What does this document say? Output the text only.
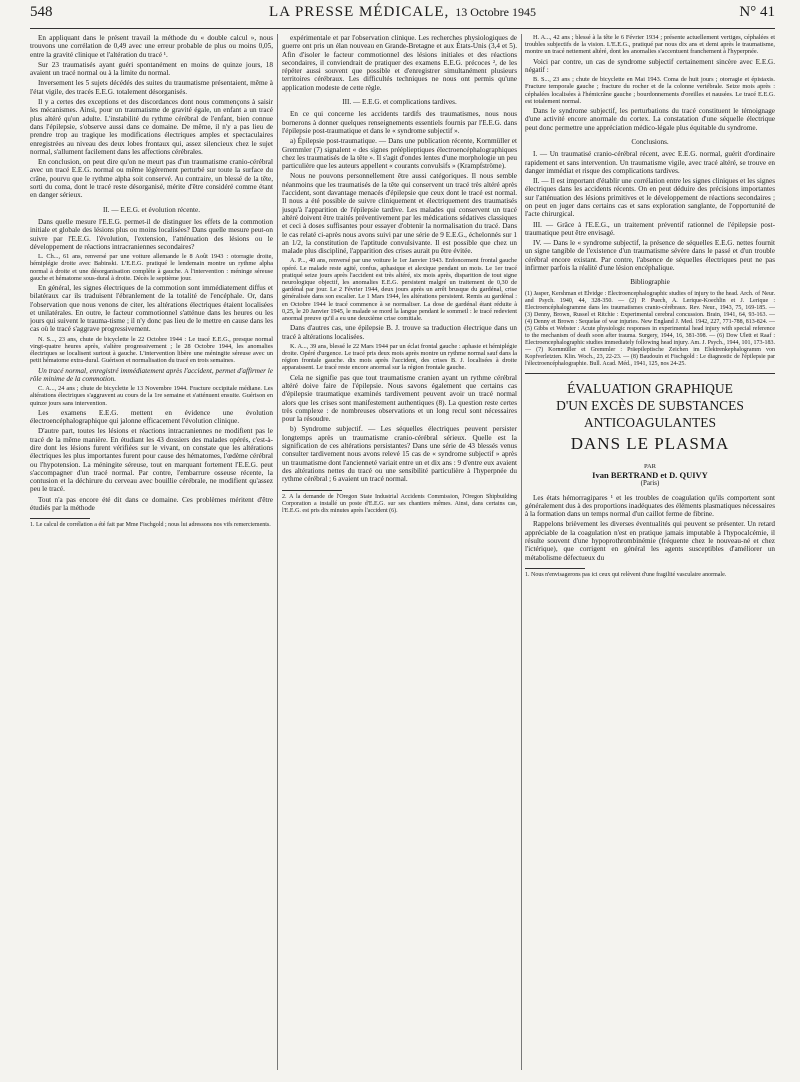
548	LA PRESSE MÉDICALE, 13 Octobre 1945	N° 41

En appliquant dans le présent travail la méthode du « double calcul », nous trouvons une corrélation de 0,49 avec une erreur probable de plus ou moins 0,05, entre la gravité clinique et l'altération du tracé ¹.

Sur 23 traumatisés ayant guéri spontanément en moins de quinze jours, 18 avaient un tracé normal ou à la limite du normal.

Inversement les 5 sujets décédés des suites du traumatisme présentaient, même à l'état vigile, des tracés E.E.G. totalement désorganisés.

Il y a certes des exceptions et des discordances dont nous commençons à saisir les mécanismes. Ainsi, pour un traumatisme de gravité égale, un enfant a un tracé plus altéré qu'un adulte. L'instabilité du rythme cérébral de l'enfant, bien connue dans l'épilepsie, s'observe aussi dans ce domaine. De même, il n'y a pas lieu de prendre trop au tragique les modifications électriques amples et spectaculaires enregistrées au niveau des deux lobes frontaux qui, assez silencieux chez le sujet normal, s'allument facilement dans les affections cérébrales.

En conclusion, on peut dire qu'on ne meurt pas d'un traumatisme cranio-cérébral avec un tracé E.E.G. normal ou même légèrement perturbé sur toute la surface du crâne, pourvu que le rythme alpha soit conservé. Au contraire, un blessé de la tête, sorti du coma, dont le tracé reste désorganisé, mérite d'être considéré comme étant en danger sérieux.

II. — E.E.G. et évolution récente.

Dans quelle mesure l'E.E.G. permet-il de distinguer les effets de la commotion initiale et globale des lésions plus ou moins localisées? Dans quelle mesure peut-on suivre par l'E.E.G. l'évolution, l'extension, l'atténuation des lésions ou le développement de réactions intracraniennes secondaires?

L. Ch..., 61 ans, renversé par une voiture allemande le 8 Août 1943 : otorragie droite, hémiplégie droite avec Babinski. L'E.E.G. pratiqué le lendemain montre un rythme alpha normal à droite et une désorganisation complète à gauche. A l'intervention : méninge séreuse gauche et hématome sous-dural à droite. Décès le septième jour.

En général, les signes électriques de la commotion sont immédiatement diffus et bilatéraux car ils traduisent l'ébranlement de la totalité de l'encéphale. Or, dans l'observation que nous venons de citer, les altérations électriques étaient localisées et unilatérales. En outre, le facteur commotionnel s'atténue dans les heures ou les jours qui suivent le trauma-tisme ; il n'y donc pas lieu de le mettre en cause dans les cas où le tracé s'aggrave progressivement.

N. S..., 23 ans, chute de bicyclette le 22 Octobre 1944 : Le tracé E.E.G., presque normal vingt-quatre heures après, s'altère progressivement ; le 28 Octobre 1944, les anomalies électriques se localisent surtout à gauche. L'intervention libère une méningite séreuse avec un petit hématome extra-dural. Guérison et normalisation du tracé en trois semaines.

Un tracé normal, enregistré immédiatement après l'accident, permet d'affirmer le rôle minime de la commotion.

C. A..., 24 ans ; chute de bicyclette le 13 Novembre 1944. Fracture occipitale médiane. Les altérations électriques s'aggravent au cours de la 1re semaine et s'atténuent ensuite. Guérison en quinze jours sans intervention.

Les examens E.E.G. mettent en évidence une évolution électroencéphalographique qui jalonne efficacement l'évolution clinique.

D'autre part, toutes les lésions et réactions intracraniennes ne modifient pas le tracé de la même manière. En étudiant les 43 dossiers des malades opérés, c'est-à-dire dont les lésions furent vérifiées sur le vivant, on constate que les altérations électriques les plus importantes furent pour cause des hématomes, l'œdème cérébral ou l'hypotension. La méningite séreuse, tout en marquant fortement l'E.E.G. peut s'accompagner d'un tracé normal. Par contre, l'embarrure osseuse récente, la contusion et la déchirure du cerveau avec bouillie cérébrale, ne modifient qu'assez peu le tracé.

Tout n'a pas encore été dit dans ce domaine. Ces problèmes méritent d'être étudiés par la méthode

1. Le calcul de corrélation a été fait par Mme Fischgold ; nous lui adressons nos vifs remerciements.

expérimentale et par l'observation clinique. Les recherches physiologiques de guerre ont pris un élan nouveau en Grande-Bretagne et aux États-Unis (3,4 et 5). Afin d'isoler le facteur commotionnel des lésions initiales et des réactions secondaires, il conviendrait de pratiquer des examens E.E.G. précoces ², de les répéter aussi souvent que possible et d'enregistrer simultanément plusieurs territoires cérébraux. Les difficultés techniques ne nous ont permis qu'une application modeste de cette règle.

III. — E.E.G. et complications tardives.

En ce qui concerne les accidents tardifs des traumatismes, nous nous bornerons à donner quelques renseignements essentiels fournis par l'E.E.G. dans l'épilepsie post-traumatique et dans le « syndrome subjectif ».

a) Épilepsie post-traumatique. — Dans une publication récente, Kornmüller et Gremmler (7) signalent « des signes prééplieptiques électroencéphalographiques chez les traumatisés de la tête ». Il s'agit d'ondes lentes d'une morphologie un peu particulière que les auteurs appellent « courants convulsifs » (Krampfströme).

Nous ne pouvons personnellement être aussi catégoriques. Il nous semble néanmoins que les traumatisés de la tête qui conservent un tracé très altéré après l'accident, sont davantage menacés d'épilepsie que ceux dont le tracé est normal. Il nous a été possible de suivre cliniquement et électriquement des traumatisés jusqu'à l'apparition de l'épilepsie tardive. Les malades qui conservent un tracé altéré doivent être traités préventivement par les médications sédatives classiques et ceci à doses suffisantes pour essayer d'obtenir la normalisation du tracé. Dans le cas relaté ci-après nous avons suivi par une série de 9 E.E.G., échelonnés sur 1 an 1/2, la constitution de l'aptitude convulsivante. Il est possible que chez un malade plus discipliné, l'apparition des crises aurait pu être évitée.

A. P..., 40 ans, renversé par une voiture le 1er Janvier 1943. Enfoncement frontal gauche opéré. Le malade reste agité, confus, aphasique et alexique pendant un mois. Le 1er tracé pratiqué seize jours après l'accident est très altéré, six mois après, disparition de tout signe neurologique objectif, les anomalies E.E.G. persistent malgré un traitement de 0,30 de gardénal par jour. Le 2 Février 1944, deux jours après un arrêt brusque du gardénal, crise généralisée dans son escalier. Le 1 Mars 1944, les altérations persistent. Remis au gardénal : en Octobre 1944 le tracé commence à se normaliser. La dose de gardénal étant réduite à 0,25, le 20 Janvier 1945, le malade se mord la langue pendant le sommeil : le tracé redevient anormal preuve qu'il a eu une deuxième crise comitiale.

Dans d'autres cas, une épilepsie B. J. trouve sa traduction électrique dans un tracé à altérations localisées.

K. A..., 39 ans, blessé le 22 Mars 1944 par un éclat frontal gauche : aphasie et hémiplégie droite. Opéré d'urgence. Le tracé pris deux mois après montre un rythme normal sauf dans la région frontale gauche. dix mois après l'accident, des crises B. J. localisées à droite apparaissent. Le tracé reste encore anormal sur la région frontale gauche.

Cela ne signifie pas que tout traumatisme cranien ayant un rythme cérébral altéré doive faire de l'épilepsie. Nous savons également que certains cas d'épilepsie traumatique examinés tardivement peuvent avoir un tracé normal alors que les crises sont manifestement authentiques (8). La question reste certes très complexe : de nombreuses observations et un long recul sont nécessaires pour la résoudre.

b) Syndrome subjectif. — Les séquelles électriques peuvent persister longtemps après un traumatisme cranio-cérébral sérieux. Quelle est la signification de ces altérations persistantes? Dans une série de 43 blessés venus consulter tardivement nous avons relevé 15 cas de « syndrome subjectif » après un traumatisme dont l'ancienneté variait entre un et dix ans : 9 d'entre eux avaient des altérations nettes du tracé ou une sensibilité particulière à l'hyperpnée du rythme cérébral ; 6 avaient un tracé normal.

2. A la demande de l'Oregon State Industrial Accidents Commission, l'Oregon Shipbuilding Corporation a installé un poste d'E.E.G. sur ses chantiers mêmes. Ainsi, dans certains cas, l'E.E.G. est pris dix minutes après l'accident (6).

H. A..., 42 ans ; blessé à la tête le 6 Février 1934 ; présente actuellement vertiges, céphalées et troubles subjectifs de la vision. L'E.E.G., pratiqué par nous dix ans et demi après le traumatisme, montre un tracé nettement altéré, dont les anomalies s'accentuent franchement à l'hyperpnée.

Voici par contre, un cas de syndrome subjectif certainement sincère avec E.E.G. négatif :

B. S..., 23 ans ; chute de bicyclette en Mai 1943. Coma de huit jours ; otorragie et épistaxis. Fracture temporale gauche ; fracture du rocher et de la colonne vertébrale. Seize mois après : céphalées localisées à l'hémicrâne gauche ; bourdonnements d'oreilles et nausées. Le tracé E.E.G. est totalement normal.

Dans le syndrome subjectif, les perturbations du tracé constituent le témoignage d'une activité encore anormale du cortex. La constatation d'une séquelle électrique peut donc permettre une appréciation médico-légale plus équitable du syndrome.

Conclusions.

I. — Un traumatisé cranio-cérébral récent, avec E.E.G. normal, guérit d'ordinaire rapidement et sans intervention. Un traumatisme vigile, avec tracé altéré, se trouve en danger immédiat et risque des complications tardives.

II. — Il est important d'établir une corrélation entre les signes cliniques et les signes électriques dans les accidents récents. On en peut déduire des précisions importantes sur l'atténuation des lésions primitives et le développement de réactions secondaires ; on peut en juger dans certains cas et sans exploration sanglante, de l'opportunité de l'acte chirurgical.

III. — Grâce à l'E.E.G., un traitement préventif rationnel de l'épilepsie post-traumatique peut être envisagé.

IV. — Dans le « syndrome subjectif, la présence de séquelles E.E.G. nettes fournit un signe tangible de l'existence d'un traumatisme sévère dans le passé et d'un trouble cérébral encore existant. Par contre, l'absence de séquelles électriques peut ne pas infirmer parfois la réalité d'une lésion encéphalique.

Bibliographie

(1) Jasper, Kershman et Elvidge : Electroencephalographic studies of injury to the head. Arch. of Neur. and Psych. 1940, 44, 328-350. — (2) P. Puech, A. Lerique-Koechlin et J. Lerique : Electroencéphalogramme dans les traumatismes cranio-cérébraux. Rev. Neur., 1943, 75, 169-185. — (3) Denny, Brown, Russel et Ritchie : Experimental cerebral concussion. Brain, 1941, 64, 93-163. — (4) Denny et Brown : Sequelae of war injuries. New England J. Med. 1942, 227, 771-788, 813-824. — (5) Gibbs et Webster : Acute physiologic responses in experimental head injury with special reference to the mechanism of death soon after trauma. Surgery, 1944, 16, 381-398. — (6) Dow Ulett et Raaf : Electroencephalographic studies immediately following head injury. Am. J. Psych., 1944, 101, 173-183. — (7) Kornmüller et Gremmler : Präepileptische Zeichen im Elektrenkephalogramm von Kopfverletzten. Klin. Woch., 23, 22-23. — (8) Baudouin et Fischgold : Le diagnostic de l'épilepsie par l'électroencéphalographie. Bull. Acad. Méd., 1941, 125, nos 24-25.

ÉVALUATION GRAPHIQUE
D'UN EXCÈS DE SUBSTANCES
ANTICOAGULANTES
DANS LE PLASMA
PAR
Ivan BERTRAND et D. QUIVY
(Paris)

Les états hémorragipares ¹ et les troubles de coagulation qu'ils comportent sont généralement dus à des proportions inadéquates des éléments plasmatiques nécessaires à la formation dans un temps normal d'un caillot ferme de fibrine.

Rappelons brièvement les diverses éventualités qui peuvent se présenter. Un retard appréciable de la coagulation n'est en pratique jamais imputable à l'hypocalcémie, il résulte souvent d'une hypoprothrombinémie (fréquente chez le nouveau-né et chez l'ictérique), que corrigent en général les agents susceptibles d'améliorer un métabolisme défectueux du

1. Nous n'envisagerons pas ici ceux qui relèvent d'une fragilité vasculaire anormale.
